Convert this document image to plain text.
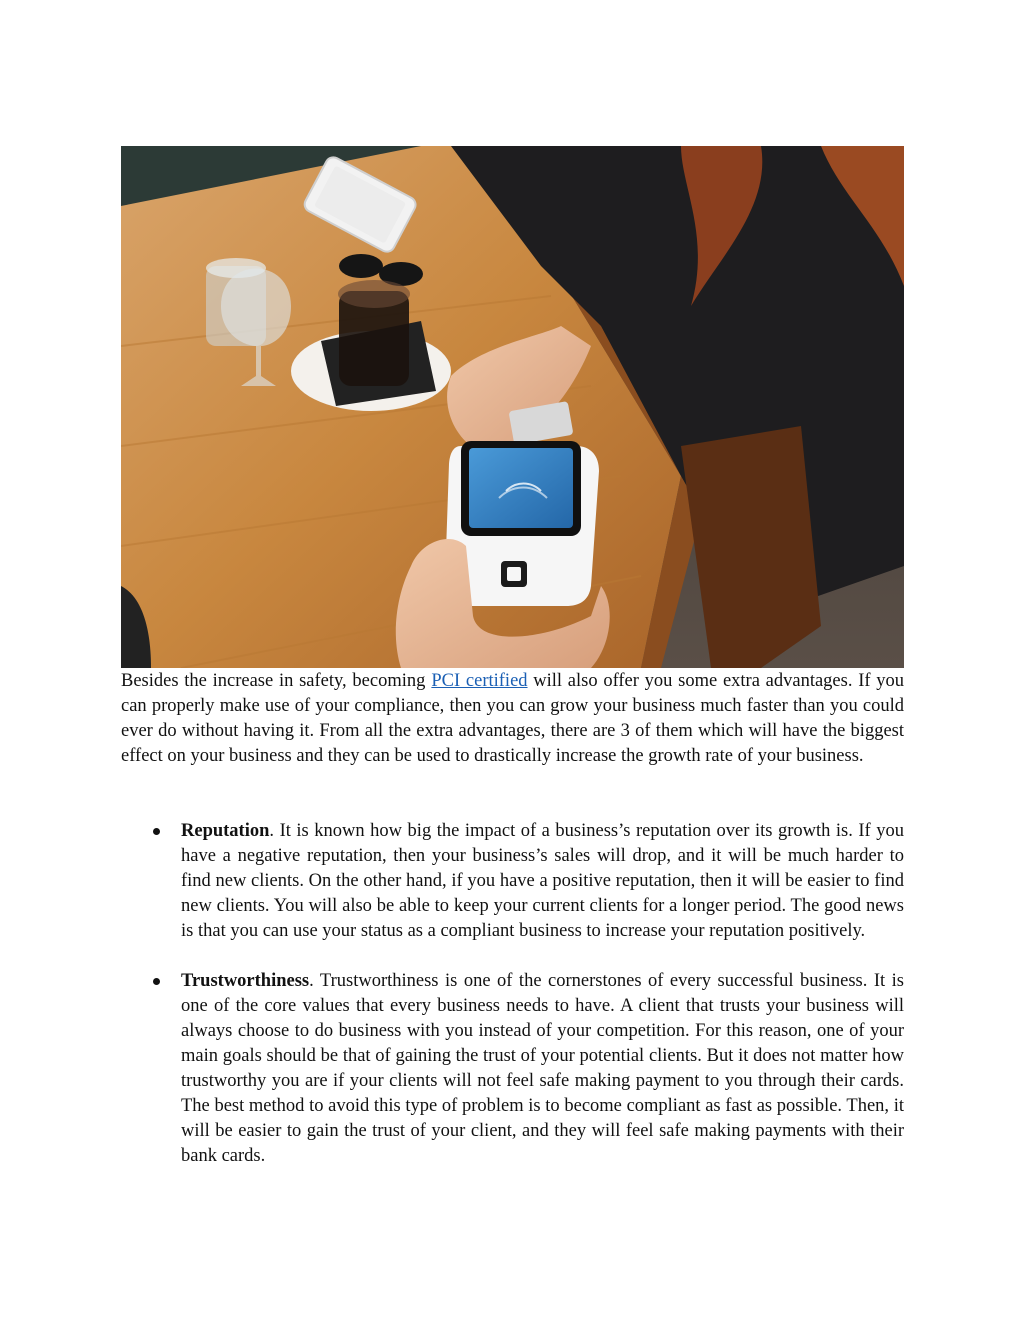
Besides the increase in safety, becoming PCI certified will also offer you some extra advantages. If you can properly make use of your compliance, then you can grow your business much faster than you could ever do without having it. From all the extra advantages, there are 3 of them which will have the biggest effect on your business and they can be used to drastically increase the growth rate of your business.
Reputation. It is known how big the impact of a business’s reputation over its growth is. If you have a negative reputation, then your business’s sales will drop, and it will be much harder to find new clients. On the other hand, if you have a positive reputation, then it will be easier to find new clients. You will also be able to keep your current clients for a longer period. The good news is that you can use your status as a compliant business to increase your reputation positively.
Trustworthiness. Trustworthiness is one of the cornerstones of every successful business. It is one of the core values that every business needs to have. A client that trusts your business will always choose to do business with you instead of your competition. For this reason, one of your main goals should be that of gaining the trust of your potential clients. But it does not matter how trustworthy you are if your clients will not feel safe making payment to you through their cards. The best method to avoid this type of problem is to become compliant as fast as possible. Then, it will be easier to gain the trust of your client, and they will feel safe making payments with their bank cards.
